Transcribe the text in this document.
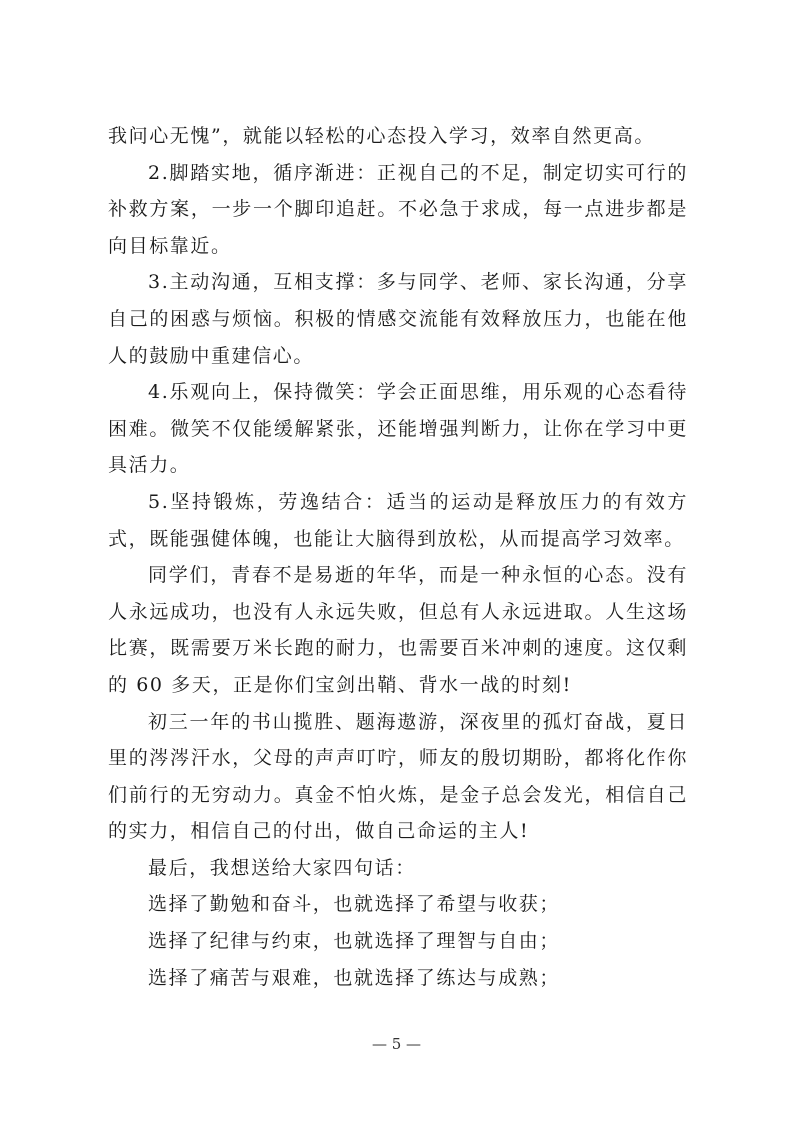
我问心无愧”，就能以轻松的心态投入学习，效率自然更高。

2.脚踏实地，循序渐进：正视自己的不足，制定切实可行的补救方案，一步一个脚印追赶。不必急于求成，每一点进步都是向目标靠近。

3.主动沟通，互相支撑：多与同学、老师、家长沟通，分享自己的困惑与烦恼。积极的情感交流能有效释放压力，也能在他人的鼓励中重建信心。

4.乐观向上，保持微笑：学会正面思维，用乐观的心态看待困难。微笑不仅能缓解紧张，还能增强判断力，让你在学习中更具活力。

5.坚持锻炼，劳逸结合：适当的运动是释放压力的有效方式，既能强健体魄，也能让大脑得到放松，从而提高学习效率。

同学们，青春不是易逝的年华，而是一种永恒的心态。没有人永远成功，也没有人永远失败，但总有人永远进取。人生这场比赛，既需要万米长跑的耐力，也需要百米冲刺的速度。这仅剩的 60 多天，正是你们宝剑出鞘、背水一战的时刻!

初三一年的书山揽胜、题海遨游，深夜里的孤灯奋战，夏日里的涔涔汗水，父母的声声叮咛，师友的殷切期盼，都将化作你们前行的无穷动力。真金不怕火炼，是金子总会发光，相信自己的实力，相信自己的付出，做自己命运的主人!

最后，我想送给大家四句话：

选择了勤勉和奋斗，也就选择了希望与收获；

选择了纪律与约束，也就选择了理智与自由；

选择了痛苦与艰难，也就选择了练达与成熟；

— 5 —
